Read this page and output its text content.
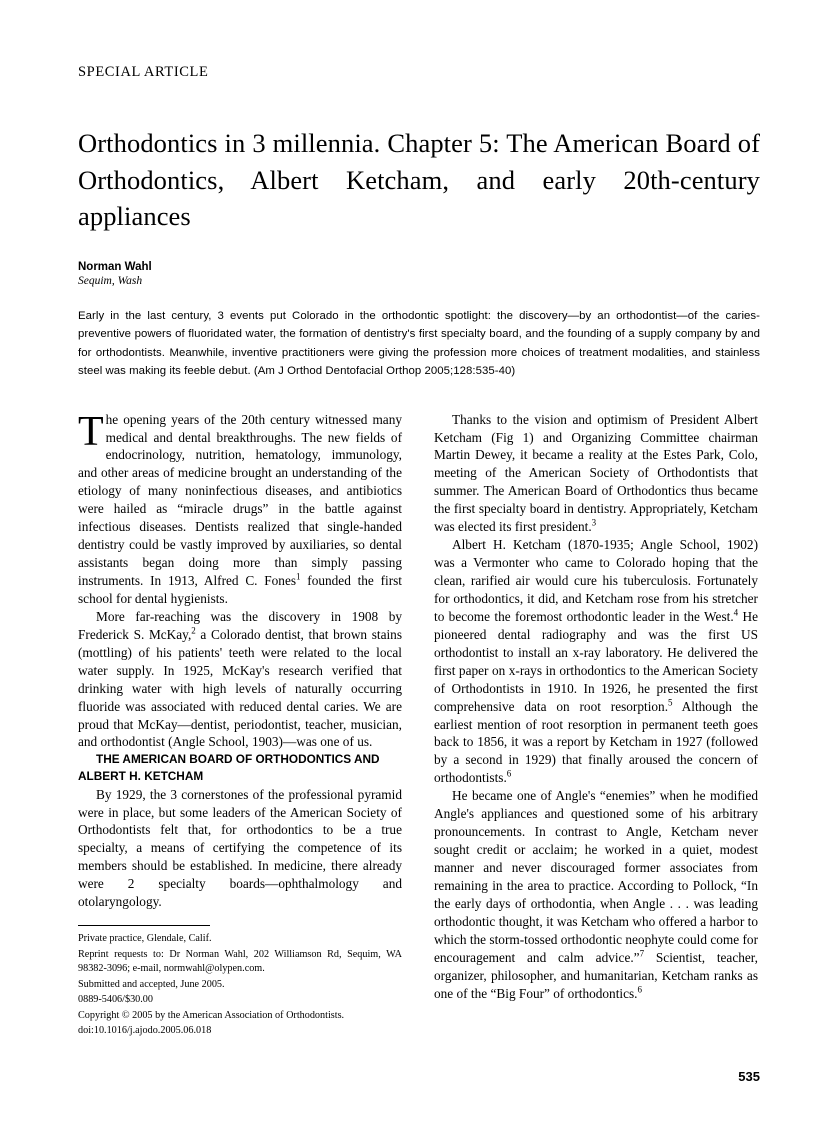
SPECIAL ARTICLE
Orthodontics in 3 millennia. Chapter 5: The American Board of Orthodontics, Albert Ketcham, and early 20th-century appliances
Norman Wahl
Sequim, Wash
Early in the last century, 3 events put Colorado in the orthodontic spotlight: the discovery—by an orthodontist—of the caries-preventive powers of fluoridated water, the formation of dentistry's first specialty board, and the founding of a supply company by and for orthodontists. Meanwhile, inventive practitioners were giving the profession more choices of treatment modalities, and stainless steel was making its feeble debut. (Am J Orthod Dentofacial Orthop 2005;128:535-40)

The opening years of the 20th century witnessed many medical and dental breakthroughs. The new fields of endocrinology, nutrition, hematology, immunology, and other areas of medicine brought an understanding of the etiology of many noninfectious diseases, and antibiotics were hailed as “miracle drugs” in the battle against infectious diseases. Dentists realized that single-handed dentistry could be vastly improved by auxiliaries, so dental assistants began doing more than simply passing instruments. In 1913, Alfred C. Fones$^1$ founded the first school for dental hygienists.

More far-reaching was the discovery in 1908 by Frederick S. McKay,$^2$ a Colorado dentist, that brown stains (mottling) of his patients' teeth were related to the local water supply. In 1925, McKay's research verified that drinking water with high levels of naturally occurring fluoride was associated with reduced dental caries. We are proud that McKay—dentist, periodontist, teacher, musician, and orthodontist (Angle School, 1903)—was one of us.

THE AMERICAN BOARD OF ORTHODONTICS AND ALBERT H. KETCHAM

By 1929, the 3 cornerstones of the professional pyramid were in place, but some leaders of the American Society of Orthodontists felt that, for orthodontics to be a true specialty, a means of certifying the competence of its members should be established. In medicine, there already were 2 specialty boards—ophthalmology and otolaryngology.

Private practice, Glendale, Calif.

Reprint requests to: Dr Norman Wahl, 202 Williamson Rd, Sequim, WA 98382-3096; e-mail, normwahl@olypen.com.

Submitted and accepted, June 2005.

0889-5406/$30.00

Copyright © 2005 by the American Association of Orthodontists.

doi:10.1016/j.ajodo.2005.06.018

Thanks to the vision and optimism of President Albert Ketcham (Fig 1) and Organizing Committee chairman Martin Dewey, it became a reality at the Estes Park, Colo, meeting of the American Society of Orthodontists that summer. The American Board of Orthodontics thus became the first specialty board in dentistry. Appropriately, Ketcham was elected its first president.$^3$

Albert H. Ketcham (1870-1935; Angle School, 1902) was a Vermonter who came to Colorado hoping that the clean, rarified air would cure his tuberculosis. Fortunately for orthodontics, it did, and Ketcham rose from his stretcher to become the foremost orthodontic leader in the West.$^4$ He pioneered dental radiography and was the first US orthodontist to install an x-ray laboratory. He delivered the first paper on x-rays in orthodontics to the American Society of Orthodontists in 1910. In 1926, he presented the first comprehensive data on root resorption.$^5$ Although the earliest mention of root resorption in permanent teeth goes back to 1856, it was a report by Ketcham in 1927 (followed by a second in 1929) that finally aroused the concern of orthodontists.$^6$

He became one of Angle's “enemies” when he modified Angle's appliances and questioned some of his arbitrary pronouncements. In contrast to Angle, Ketcham never sought credit or acclaim; he worked in a quiet, modest manner and never discouraged former associates from remaining in the area to practice. According to Pollock, “In the early days of orthodontia, when Angle . . . was leading orthodontic thought, it was Ketcham who offered a harbor to which the storm-tossed orthodontic neophyte could come for encouragement and calm advice.”$^7$ Scientist, teacher, organizer, philosopher, and humanitarian, Ketcham ranks as one of the “Big Four” of orthodontics.$^6$

535
